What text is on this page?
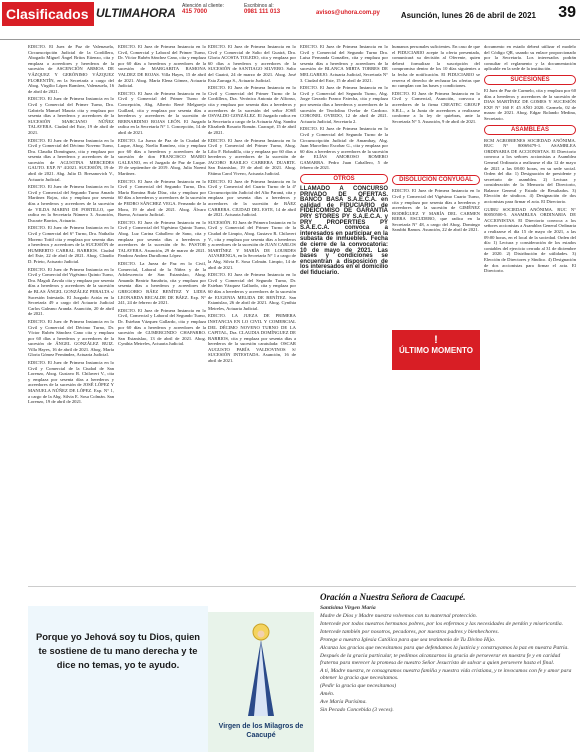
Clasificados ULTIMAHORA Atención al cliente:
415 7000
Escribinos al:
0981 111 013	avisos@uhora.com.py	Asunción, lunes 26 de abril de 2021 39

EDICTO. El Juez de Paz de Valenzuela, Circunscripción Judicial de la Cordillera, Abogado Miguel Ángel Britos Etienzo, cita y emplaza a acreedores y herederos de la sucesión de ASCENCIÓN ARMOA DE VÁZQUEZ Y GERÓNIMO VÁZQUEZ FLORENTÍN, en la Secretaría a cargo del Abog. Virgilio López Ramírez, Valenzuela, 16 de abril de 2021.

EDICTO. El Juez de Primera Instancia en lo Civil y Comercial del Primer Turno, Dra. Gabriela Manuel Mauriz cita y emplaza por sesenta días a herederos y acreedores de la SUCESIÓN MARCIANO NÚÑEZ TALAVERA. Ciudad del Este, 19 de abril de 2021.

EDICTO. El Juez de Primera Instancia en lo Civil y Comercial del Décimo Noveno Turno, Dra. Claudia Domínguez, cita y emplaza por sesenta días a herederos y acreedores de la sucesión de AGUSTINA MERCEDES GAUTO. EXP. N° 4/2021. SUCESIÓN, 19 de abril de 2021. Abg. Julio D. Bresanovich V., Actuario Judicial.

EDICTO. El Juez de Primera Instancia en lo Civil y Comercial del Segundo Turno Amado Martínez Rojas, cita y emplaza por sesenta días a herederos y acreedores de la sucesión de VILDA MARINI DE PORTILLO, que radica en la Secretaría Número 3. Asunción, Ducarte Barrios, Actuario.

EDICTO. El Juez de Primera Instancia en lo Civil y Comercial del 6° Turno, Dra. Nathalia Moreno Tottil cita y emplaza por sesenta días a herederos y acreedores de la SUCESIÓN de HUMBERTO CABRAL BARRIOS. Ciudad del Este, 22 de abril de 2021. Abog. Claudio D. Prieto, Actuario Judicial.

EDICTO. El Juez de Primera Instancia en lo Civil y Comercial del Vigésimo Quinto Turno, Dra. Magali Zavala cita y emplaza por sesenta días a herederos y acreedores de la sucesión de BLAS ÁNGEL GONZÁLEZ PERALTA s/ Sucesión Intestada. El Juzgado Actúa en la Secretaría 49 a cargo del Actuario Judicial Carlos Galeano Aranda. Asunción, 20 de abril de 2021.

EDICTO. El Juez de Primera Instancia en lo Civil y Comercial del Décimo Turno, Dr. Víctor Rubén Sánchez Cano cita y emplaza por 60 días a herederos y acreedores de la sucesión de ÁNGEL GONZÁLEZ RUIZ. Villa Hayes, 16 de abril de 2021. Abog. María Gloria Gómez Fernández, Actuaria Judicial.

EDICTO. El Juez de Primera Instancia en lo Civil y Comercial de la Ciudad de San Lorenzo, Abog. Gustavo R. Chilavert V., cita y emplaza por sesenta días a herederos y acreedores de la sucesión de JOSÉ LÓPEZ Y MANUELA NÚÑEZ DE LÓPEZ. Exp. N° 1, a cargo de la Abg. Silvia E. Sosa Colmán. San Lorenzo, 19 de abril de 2021.

EDICTO. El Juez de Primera Instancia en lo Civil, Comercial y Laboral del Primer Turno, Dr. Víctor Rubén Sánchez Cano, cita y emplaza por 60 días a herederos y acreedores de la sucesión de MARGARITA RAMONA VALDEZ DE ROJAS. Villa Hayes, 15 de abril de 2021. Abog. María Elena Gómez, Actuaria Judicial.

EDICTO. El Juez de Primera Instancia en lo Civil y Comercial del Primer Turno de Concepción, Abg. Alberto René Melgarejo Guillard, cita y emplaza por sesenta días a herederos y acreedores de la sucesión de BERNARDINO ROJAS LEÓN. El Juzgado radica en la Secretaría N° 1. Concepción, 14 de abril de 2021.

EDICTO. La Jueza de Paz de la Ciudad de Luque, Abog. Noelia Ramírez, cita y emplaza por 60 días a herederos y acreedores de la sucesión de don FRANCISCO MARIO GALEANO, en el Juzgado de Paz de Luque. 19 de septiembre de 2019. Abog. Julia Noemí Martínez.

EDICTO. El Juez de Primera Instancia en lo Civil y Comercial del Segundo Turno, Dra. María Romina Ruíz Díaz, cita y emplaza por 60 días a herederos y acreedores de la sucesión de PEDRO SÁNCHEZ VEGA. Fernando de la Mora, 19 de abril de 2021. Abog. Álvaro Bueno, Actuario Judicial.

EDICTO. El Juez de Primera Instancia en lo Civil y Comercial del Vigésimo Quinto Turno, Abog. Luz Carina Caballero de Sano, cita y emplaza por sesenta días a herederos y acreedores de la sucesión de Sr. PASTOR TALAVERA. Asunción, 29 de marzo de 2021. Pandora Andrea Duralloma López.

EDICTO. La Jueza de Paz en lo Civil, Comercial, Laboral de la Niñez y de la Adolescencia de San Estanislao, Abog. Amanda Beatriz Sanabria, cita y emplaza por sesenta días a herederos y acreedores de GREGORIO BÁEZ BENÍTEZ Y LIDIA LEONARDA RECALDE DE BÁEZ. Exp. N° 241, 24 de febrero de 2021.

EDICTO. El Juez de Primera Instancia en lo Civil, Comercial y Laboral del Segundo Turno, Dr. Esteban Vázquez Gallardo, cita y emplaza por 60 días a herederos y acreedores de la sucesión de GUMERCINDO CHAPARRO. San Estanislao, 13 de abril de 2021. Abog. Cynthia Meireles, Actuaria Judicial.

EDICTO. El Juez de Primera Instancia en lo Civil y Comercial de Salto del Guairá, Dra. Gloria ACOSTA TOLEDO, cita y emplaza por 60 días a herederos y acreedores de la SUCESIÓN de SANTIAGO SILVERO. Salto del Guairá, 24 de marzo de 2021. Abog. José Esta Zarraga S., Actuario Judicial.

EDICTO. El Juez de Primera Instancia en lo Civil y Comercial del Primer Turno de la Cordillera, Dra. Verónica Antonia de Alfonso, cita y emplaza por sesenta días a herederos y acreedores de la sucesión del señor JOSÉ OSVALDO GONZÁLEZ. El Juzgado radica en la Secretaría a cargo de la Actuaria Abg. Sandra Elizabeth Rosario Román. Caacupé, 15 de abril de 2021.

EDICTO. El Juez de Primera Instancia en lo Civil y Comercial del Primer Turno, Abog. Lilio F. Bobadilla, cita y emplaza por 60 días a herederos y acreedores de la sucesión de JACOBO BASILIO CABRERA DUARTE. San Estanislao, 19 de abril de 2021. Abog. Fátima Carol Vivero, Actuaria Judicial.

EDICTO. El Juez de Primera Instancia en lo Civil y Comercial del Cuarto Turno de la 4ª Circunscripción Judicial del Alto Paraná, cita y emplaza por sesenta días a herederos y acreedores de la sucesión de BÁEZ CABRERA. CIUDAD DEL ESTE, 14 de abril de 2021. Actuaria Judicial.

SUCESIÓN. El Juez de Primera Instancia en lo Civil y Comercial del Primer Turno de la Ciudad de Limpio, Abog. Gustavo R. Chilavert V., cita y emplaza por sesenta días a herederos y acreedores de la sucesión de JUAN CARLOS MARTÍNEZ Y MARÍA DE LOURDES ALVARENGA, en la Secretaría N° 1 a cargo de la Abg. Silvia E. Sosa Colmán. Limpio, 14 de abril de 2021.

EDICTO. El Juez de Primera Instancia en lo Civil y Comercial del Segundo Turno, Dr. Esteban Vázquez Gallardo, cita y emplaza por 60 días a herederos y acreedores de la sucesión de EUGENIA MELIDA DE BENÍTEZ. San Estanislao, 26 de abril de 2021. Abog. Cynthia Meireles, Actuaria Judicial.

EDICTO. LA JUEZA DE PRIMERA INSTANCIA EN LO CIVIL Y COMERCIAL DEL DÉCIMO NOVENO TURNO DE LA CAPITAL, Dra. CLAUDIA DOMÍNGUEZ DE BARRIOS, cita y emplaza por sesenta días a herederos de la sucesión caratulada: OSCAR AUGUSTO PARÍA VALDOVINOS S/ SUCESIÓN INTESTADA. Asunción, 16 de abril de 2021.

EDICTO. El Juez de Primera Instancia en lo Civil y Comercial del Segundo Turno Dra. Luisa Fernanda González, cita y emplaza por sesenta días a herederos y acreedores de la sucesión de BLANCA MIRTA TORRES DE MELGAREJO. Actuaria Judicial, Secretaría N° 3. Ciudad del Este, 15 de abril de 2021.

EDICTO. El Juez de Primera Instancia en lo Civil y Comercial del Segundo Turno, Abg. Jorge Gerardo Franco Fatecha, cita y emplaza por sesenta días a herederos y acreedores de la sucesión de Teodolina Ovelar de Cardozo. CORONEL OVIEDO, 12 de abril de 2021. Actuaria Judicial, Secretaría 2.

EDICTO. El Juez de Primera Instancia en lo Civil y Comercial del Segundo Turno de la Circunscripción Judicial de Amambay, Abg. Juan Marcelino Escobar G., cita y emplaza por 60 días a herederos y acreedores de la sucesión de ELÍAS AMOROSO ROMERO GAMARRA. Pedro Juan Caballero, 5 de febrero de 2021.

OTROS

LLAMADO A CONCURSO PRIVADO DE OFERTAS. BANCO BASA S.A.E.C.A. en calidad de FIDUCIARIO de FIDEICOMISO DE GARANTÍA PRY STORES PY S.A.E.C.A. y PRY PROPERTIES PY S.A.E.C.A. convoca a interesados en participar en la subasta de inmuebles. Fecha de cierre de la convocatoria: 10 de mayo de 2021. Las bases y condiciones se encuentran a disposición de los interesados en el domicilio del fiduciario.

humanos personales suficientes. En caso de que el FIDUCIARIO acepte la oferta presentada, comunicará su decisión al Oferente, quien deberá formalizar la suscripción del compromiso dentro de los 10 días siguientes a la fecha de notificación. El FIDUCIARIO se reserva el derecho de rechazar las ofertas que no cumplan con las bases y condiciones.

EDICTO. El Juez de Primera Instancia en lo Civil y Comercial, Asunción, convoca a acreedores de la firma CREATEC GROUP S.R.L., a la Junta de acreedores a realizarse conforme a la ley de quiebras, ante la Secretaría N° 5. Asunción, 9 de abril de 2021.

DISOLUCIÓN CONYUGAL

EDICTO. El Juez de Primera Instancia en lo Civil y Comercial del Vigésimo Cuarto Turno, cita y emplaza por sesenta días a herederos y acreedores de la sucesión de GIMÉNEZ RODRÍGUEZ Y MARÍA DEL CARMEN RIERA ESCUDERO, que radica en la Secretaría N° 48, a cargo del Abog. Domingo Sarubbi Ramos. Asunción, 22 de abril de 2021.

!
ÚLTIMO MOMENTO

documento en estado deberá utilizar el modelo del Código QR, usando su enlace proporcionado por la Secretaría. Los interesados podrán consultar el reglamento y la documentación aplicable en la sede de la institución.

SUCESIONES

El Juez de Paz de Carmelo, cita y emplaza por 60 días a herederos y acreedores de la sucesión de DIAS MARTÍNEZ DE GOMES Y SUCESIÓN EXP. N° 160 F. 45 AÑO 2020. Carmelo, 02 de marzo de 2021. Abog. Edgar Rolando Medina, Secretario.

ASAMBLEAS

RCM AGROBIENES SOCIEDAD ANÓNIMA. RUC N° 80069479-1. ASAMBLEA ORDINARIA DE ACCIONISTAS. El Directorio convoca a los señores accionistas a Asamblea General Ordinaria a realizarse el día 12 de mayo de 2021 a las 08:00 horas, en su sede social. Orden del día: 1) Designación de presidente y secretario de asamblea. 2) Lectura y consideración de la Memoria del Directorio, Balance General y Estado de Resultados. 3) Elección de síndicos. 4) Designación de dos accionistas para firmar el acta. El Directorio.

GUIRU SOCIEDAD ANÓNIMA. RUC N° 80050500-5. ASAMBLEA ORDINARIA DE ACCIONISTAS. El Directorio convoca a los señores accionistas a Asamblea General Ordinaria a realizarse el día 15 de mayo de 2021, a las 09:00 horas, en el local de la sociedad. Orden del día: 1) Lectura y consideración de los estados contables del ejercicio cerrado al 31 de diciembre de 2020. 2) Distribución de utilidades. 3) Elección de Directores y Síndico. 4) Designación de dos accionistas para firmar el acta. El Directorio.

Porque yo Jehová soy tu Dios, quien te sostiene de tu mano derecha y te dice no temas, yo te ayudo.
Virgen de los Milagros de Caacupé
Oración a Nuestra Señora de Caacupé.

Santísima Virgen María

Madre de Dios y Madre nuestra volvemos con tu maternal protección.

Intercede por todos nuestros hermanos pobres, por los enfermos y las necesidades de perdón y misericordia.

Intercede también por nosotros, pecadores, por nuestros padres y bienhechores.

Protege a nuestra Iglesia Católica para que sea testimonio de Tu Divino Hijo.

Alcanza las gracias que necesitamos para que defendamos la justicia y construyamos la paz en nuestra Patria.

Después de la gracia particular, te pedimos alcanzarnos la gracia de perseverar en nuestra fe y en caridad fraterna para merecer la promesa de nuestro Señor Jesucristo de salvar a quien persevere hasta el final.

A ti, Madre nuestra, te consagramos nuestra familia y nuestra vida cristiana, y te invocamos con fe y amor para obtener la gracia que necesitamos.

(Pedir la gracia que necesitamos)

Amén.

Ave María Purísima.

Sin Pecado Concebida (3 veces).
